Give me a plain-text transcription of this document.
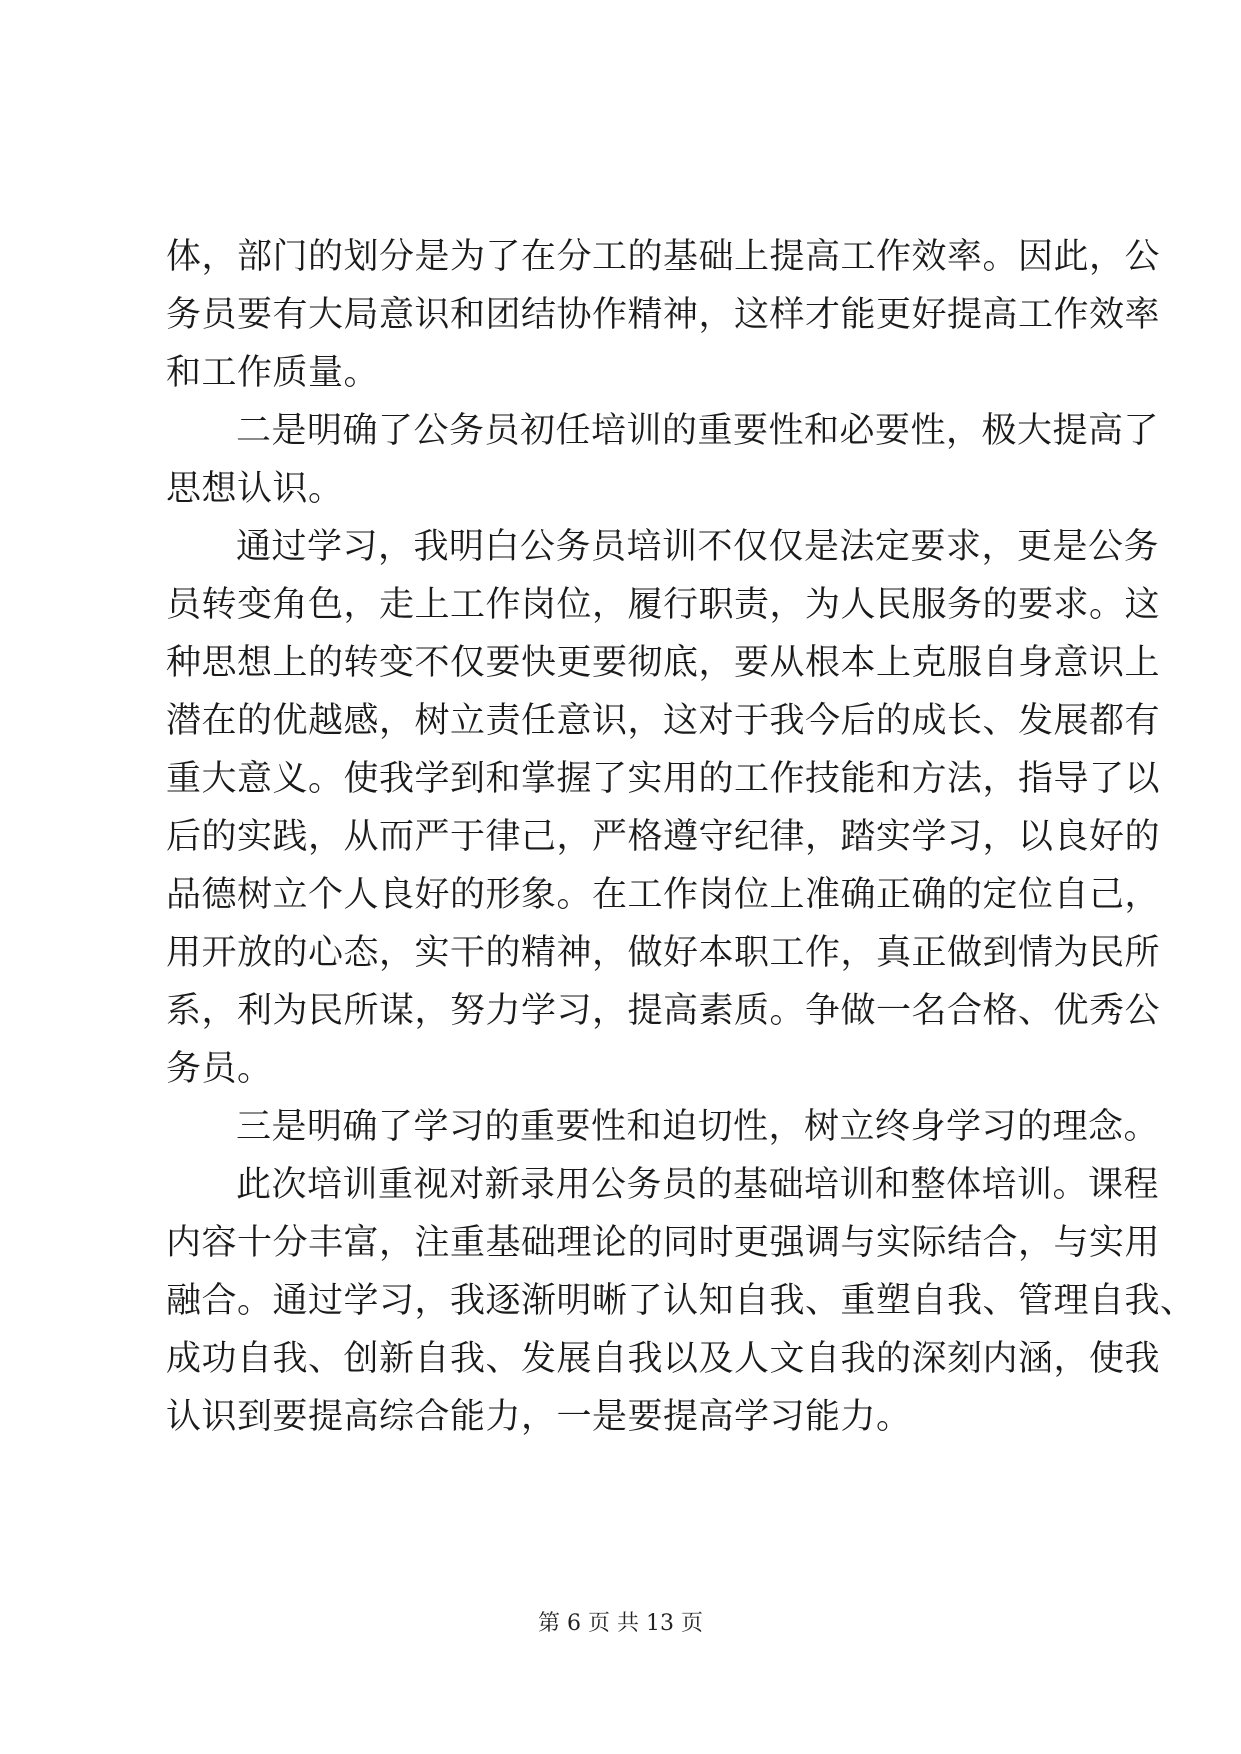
体，部门的划分是为了在分工的基础上提高工作效率。因此，公
务员要有大局意识和团结协作精神，这样才能更好提高工作效率
和工作质量。
二是明确了公务员初任培训的重要性和必要性，极大提高了
思想认识。
通过学习，我明白公务员培训不仅仅是法定要求，更是公务
员转变角色，走上工作岗位，履行职责，为人民服务的要求。这
种思想上的转变不仅要快更要彻底，要从根本上克服自身意识上
潜在的优越感，树立责任意识，这对于我今后的成长、发展都有
重大意义。使我学到和掌握了实用的工作技能和方法，指导了以
后的实践，从而严于律己，严格遵守纪律，踏实学习，以良好的
品德树立个人良好的形象。在工作岗位上准确正确的定位自己，
用开放的心态，实干的精神，做好本职工作，真正做到情为民所
系，利为民所谋，努力学习，提高素质。争做一名合格、优秀公
务员。
三是明确了学习的重要性和迫切性，树立终身学习的理念。
此次培训重视对新录用公务员的基础培训和整体培训。课程
内容十分丰富，注重基础理论的同时更强调与实际结合，与实用
融合。通过学习，我逐渐明晰了认知自我、重塑自我、管理自我、
成功自我、创新自我、发展自我以及人文自我的深刻内涵，使我
认识到要提高综合能力，一是要提高学习能力。
第 6 页 共 13 页
